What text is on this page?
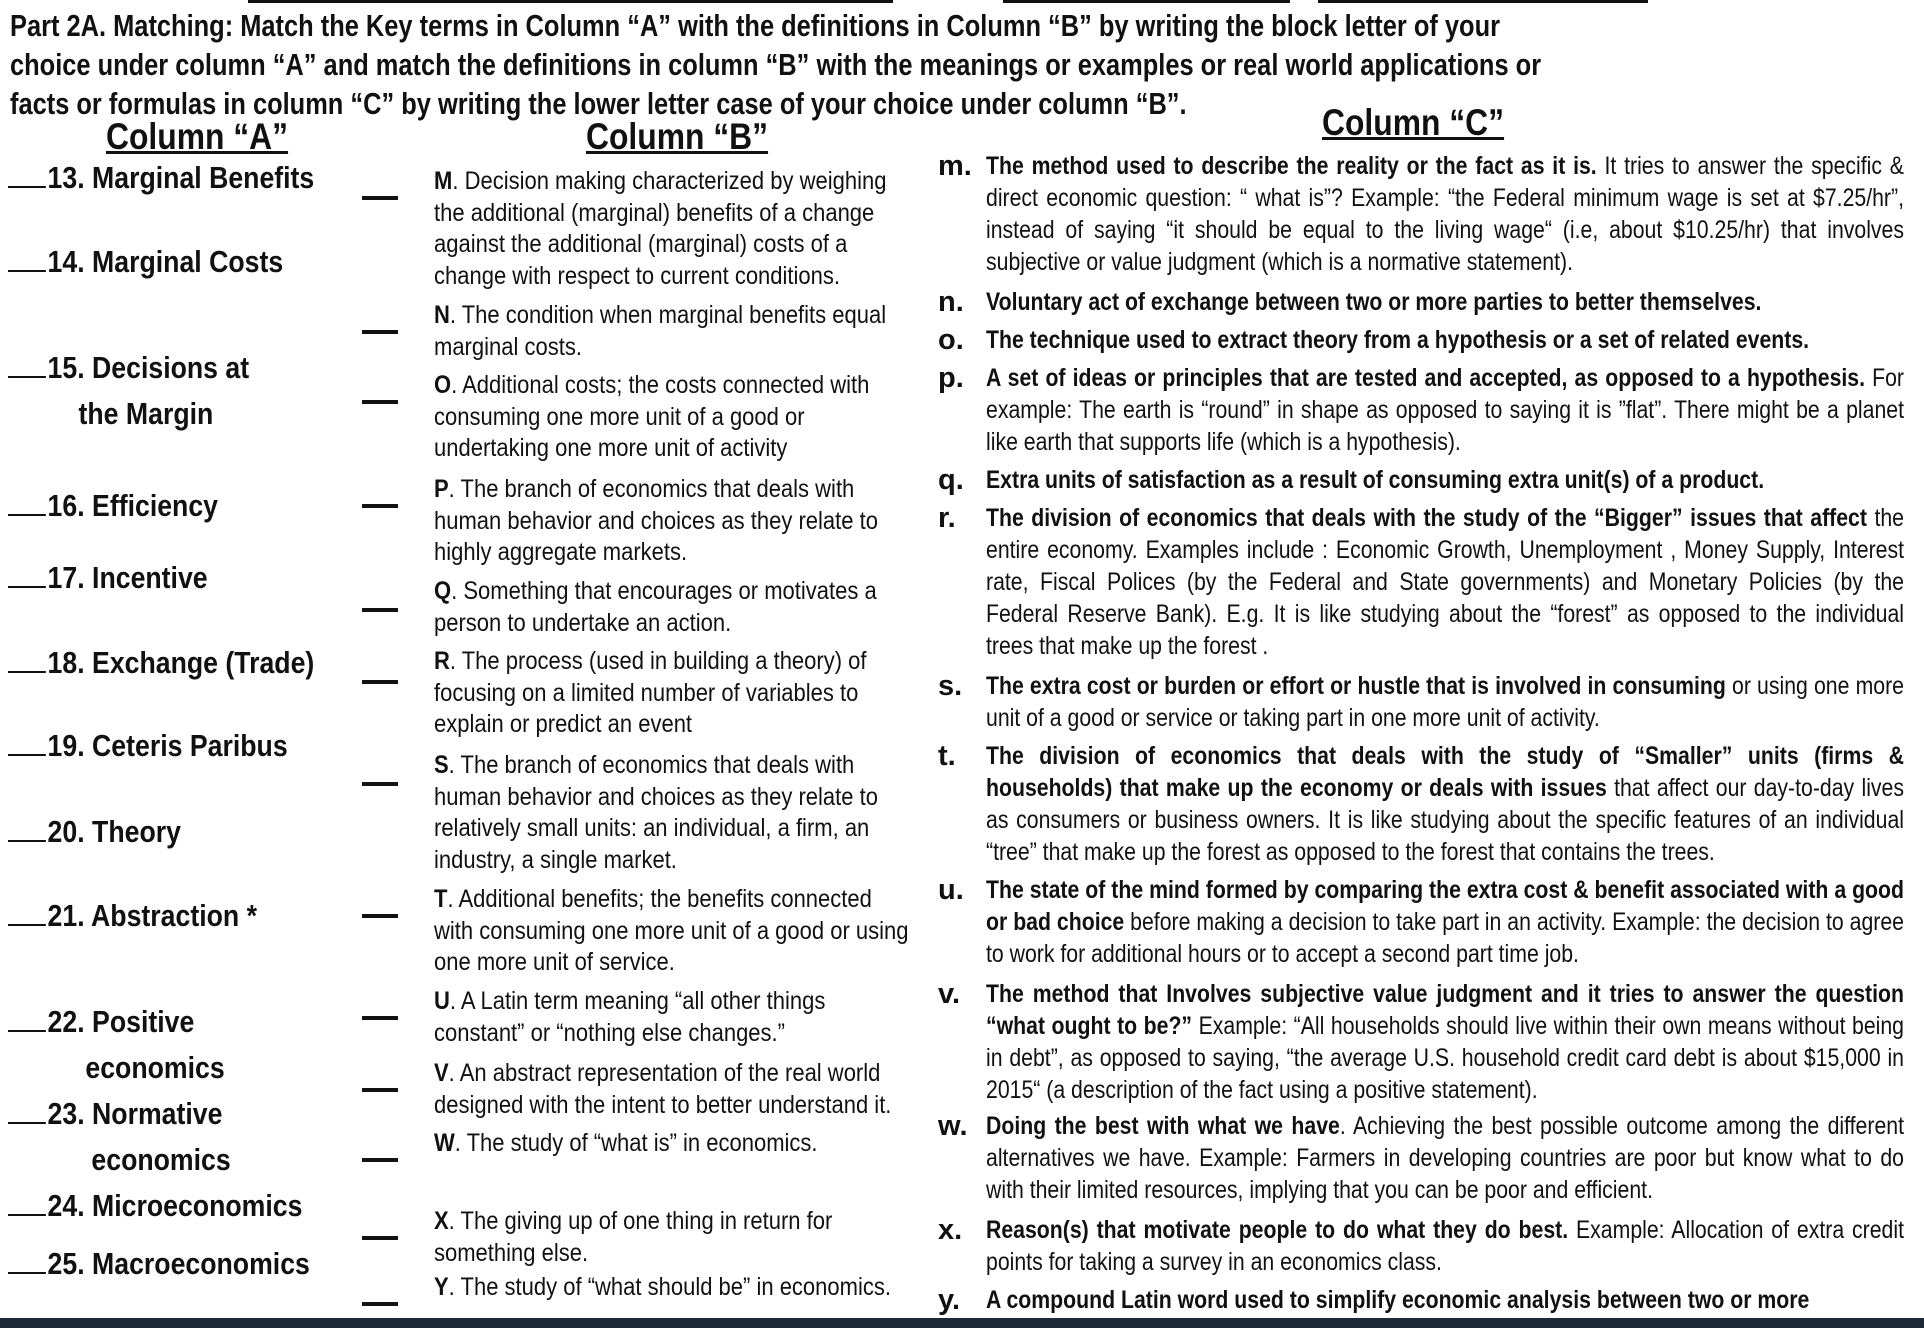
Part 2A. Matching: Match the Key terms in Column “A” with the definitions in Column “B” by writing the block letter of your choice under column “A” and match the definitions in column “B” with the meanings or examples or real world applications or facts or formulas in column “C” by writing the lower letter case of your choice under column “B”.

Column “A”	Column “B”	Column “C”
13. Marginal Benefits
14. Marginal Costs
15. Decisions at
the Margin
16. Efficiency
17. Incentive
18. Exchange (Trade)
19. Ceteris Paribus
20. Theory
21. Abstraction *
22. Positive
economics
23. Normative
economics
24. Microeconomics
25. Macroeconomics
M. Decision making characterized by weighing the additional (marginal) benefits of a change against the additional (marginal) costs of a change with respect to current conditions.
N. The condition when marginal benefits equal marginal costs.
O. Additional costs; the costs connected with consuming one more unit of a good or undertaking one more unit of activity
P. The branch of economics that deals with human behavior and choices as they relate to highly aggregate markets.
Q. Something that encourages or motivates a person to undertake an action.
R. The process (used in building a theory) of focusing on a limited number of variables to explain or predict an event
S. The branch of economics that deals with human behavior and choices as they relate to relatively small units: an individual, a firm, an industry, a single market.
T. Additional benefits; the benefits connected with consuming one more unit of a good or using one more unit of service.
U. A Latin term meaning “all other things constant” or “nothing else changes.”
V. An abstract representation of the real world designed with the intent to better understand it.
W. The study of “what is” in economics.
X. The giving up of one thing in return for something else.
Y. The study of “what should be” in economics.
m. The method used to describe the reality or the fact as it is. It tries to answer the specific & direct economic question: “ what is”? Example: “the Federal minimum wage is set at $7.25/hr”, instead of saying “it should be equal to the living wage“ (i.e, about $10.25/hr) that involves subjective or value judgment (which is a normative statement).
n. Voluntary act of exchange between two or more parties to better themselves.
o. The technique used to extract theory from a hypothesis or a set of related events.
p. A set of ideas or principles that are tested and accepted, as opposed to a hypothesis. For example: The earth is “round” in shape as opposed to saying it is ”flat”. There might be a planet like earth that supports life (which is a hypothesis).
q. Extra units of satisfaction as a result of consuming extra unit(s) of a product.
r. The division of economics that deals with the study of the “Bigger” issues that affect the entire economy. Examples include : Economic Growth, Unemployment , Money Supply, Interest rate, Fiscal Polices (by the Federal and State governments) and Monetary Policies (by the Federal Reserve Bank). E.g. It is like studying about the “forest” as opposed to the individual trees that make up the forest .
s. The extra cost or burden or effort or hustle that is involved in consuming or using one more unit of a good or service or taking part in one more unit of activity.
t. The division of economics that deals with the study of “Smaller” units (firms & households) that make up the economy or deals with issues that affect our day-to-day lives as consumers or business owners. It is like studying about the specific features of an individual “tree” that make up the forest as opposed to the forest that contains the trees.
u. The state of the mind formed by comparing the extra cost & benefit associated with a good or bad choice before making a decision to take part in an activity. Example: the decision to agree to work for additional hours or to accept a second part time job.
v. The method that Involves subjective value judgment and it tries to answer the question “what ought to be?” Example: “All households should live within their own means without being in debt”, as opposed to saying, “the average U.S. household credit card debt is about $15,000 in 2015“ (a description of the fact using a positive statement).
w. Doing the best with what we have. Achieving the best possible outcome among the different alternatives we have. Example: Farmers in developing countries are poor but know what to do with their limited resources, implying that you can be poor and efficient.
x. Reason(s) that motivate people to do what they do best. Example: Allocation of extra credit points for taking a survey in an economics class.
y. A compound Latin word used to simplify economic analysis between two or more
